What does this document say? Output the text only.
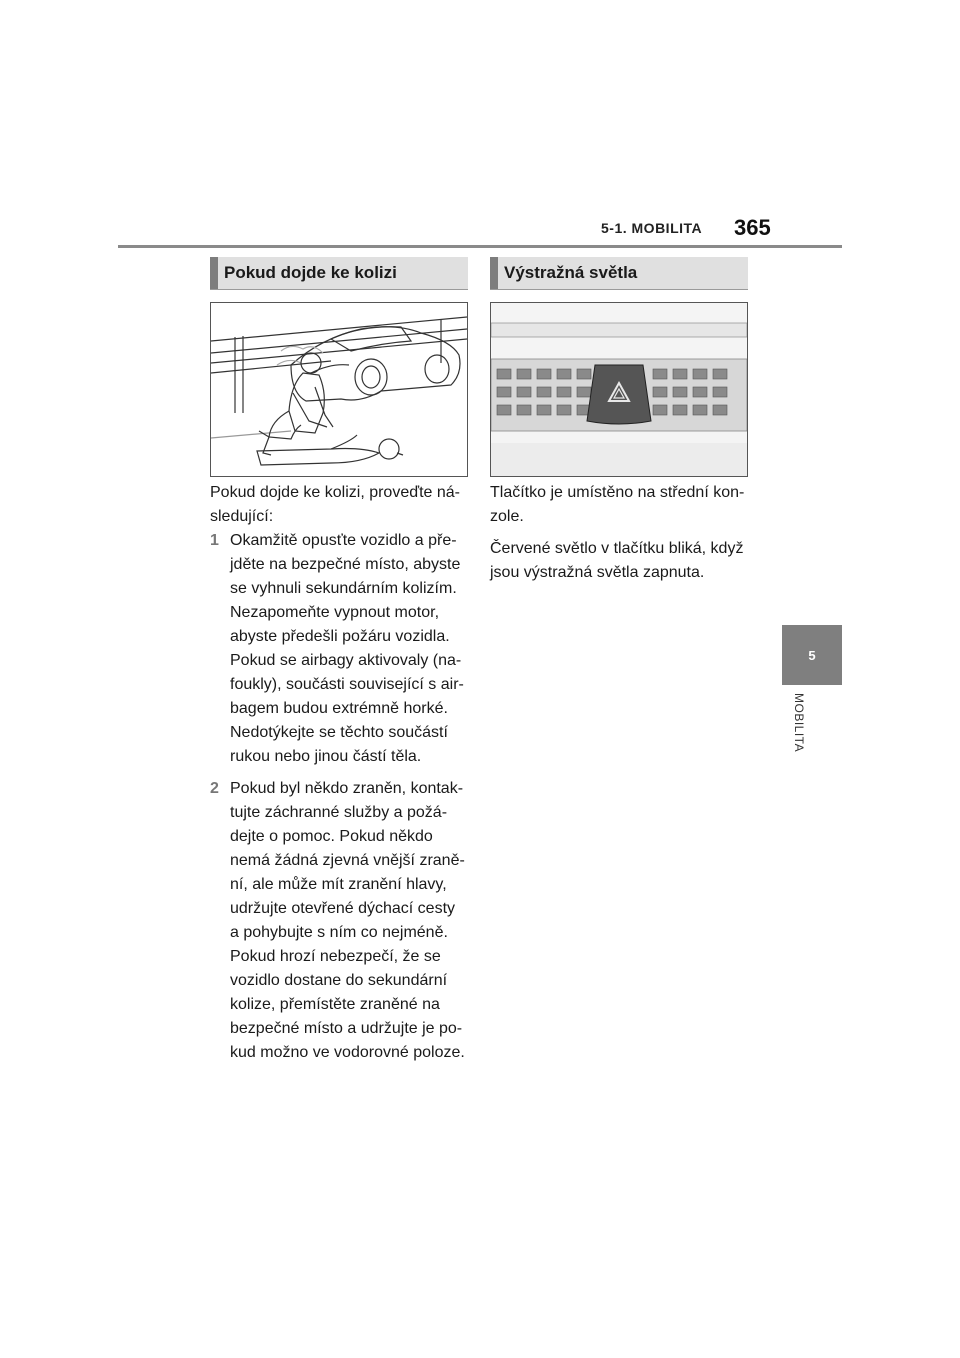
5-1. MOBILITA 365
5
MOBILITA
Pokud dojde ke kolizi
Pokud dojde ke kolizi, proveďte ná-
sledující:
1 Okamžitě opusťte vozidlo a pře-
jděte na bezpečné místo, abyste
se vyhnuli sekundárním kolizím.
Nezapomeňte vypnout motor,
abyste předešli požáru vozidla.
Pokud se airbagy aktivovaly (na-
foukly), součásti související s air-
bagem budou extrémně horké.
Nedotýkejte se těchto součástí
rukou nebo jinou částí těla.
2 Pokud byl někdo zraněn, kontak-
tujte záchranné služby a požá-
dejte o pomoc. Pokud někdo
nemá žádná zjevná vnější zraně-
ní, ale může mít zranění hlavy,
udržujte otevřené dýchací cesty
a pohybujte s ním co nejméně.
Pokud hrozí nebezpečí, že se
vozidlo dostane do sekundární
kolize, přemístěte zraněné na
bezpečné místo a udržujte je po-
kud možno ve vodorovné poloze.
Výstražná světla

Tlačítko je umístěno na střední kon-
zole.

Červené světlo v tlačítku bliká, když
jsou výstražná světla zapnuta.
